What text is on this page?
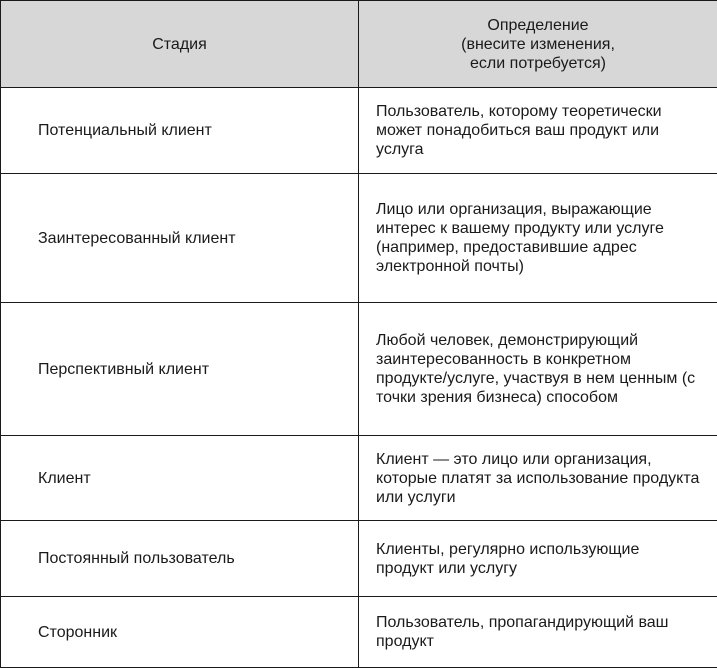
Стадия	Определение
(внесите изменения,
если потребуется)

Потенциальный клиент	Пользователь, которому теоретически может понадобиться ваш продукт или услуга

Заинтересованный клиент	Лицо или организация, выражающие интерес к вашему продукту или услуге (например, предоставившие адрес электронной почты)

Перспективный клиент	Любой человек, демонстрирующий заинтересованность в конкретном продукте/услуге, участвуя в нем ценным (с точки зрения бизнеса) способом

Клиент	Клиент — это лицо или организация, которые платят за использование продукта или услуги

Постоянный пользователь	Клиенты, регулярно использующие продукт или услугу

Сторонник	Пользователь, пропагандирующий ваш продукт
